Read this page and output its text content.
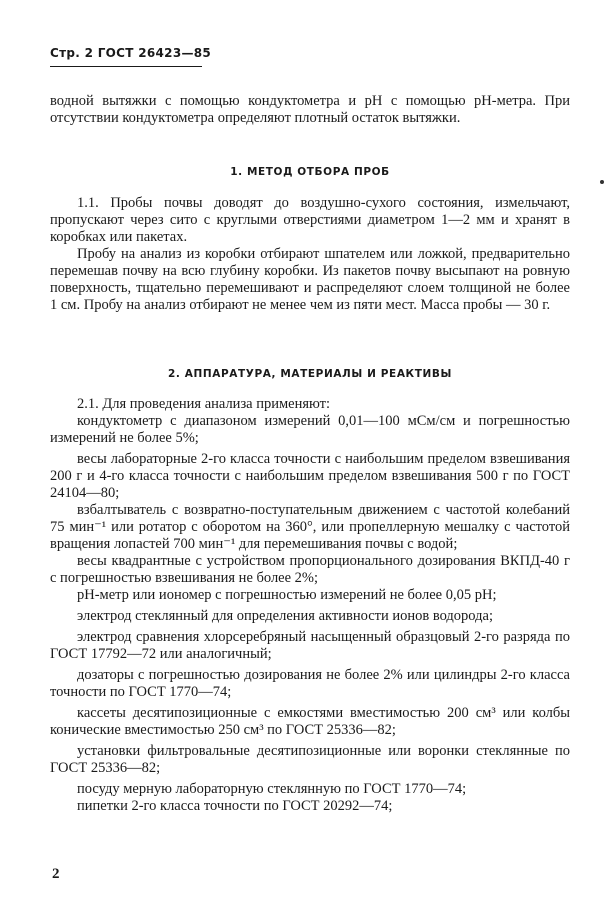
Стр. 2 ГОСТ 26423—85

водной вытяжки с помощью кондуктометра и рН с помощью рН-метра. При отсутствии кондуктометра определяют плотный остаток вытяжки.

1. МЕТОД ОТБОРА ПРОБ

1.1. Пробы почвы доводят до воздушно-сухого состояния, измельчают, пропускают через сито с круглыми отверстиями диаметром 1—2 мм и хранят в коробках или пакетах.

Пробу на анализ из коробки отбирают шпателем или ложкой, предварительно перемешав почву на всю глубину коробки. Из пакетов почву высыпают на ровную поверхность, тщательно перемешивают и распределяют слоем толщиной не более 1 см. Пробу на анализ отбирают не менее чем из пяти мест. Масса пробы — 30 г.

2. АППАРАТУРА, МАТЕРИАЛЫ И РЕАКТИВЫ

2.1. Для проведения анализа применяют:

кондуктометр с диапазоном измерений 0,01—100 мСм/см и погрешностью измерений не более 5%;

весы лабораторные 2-го класса точности с наибольшим пределом взвешивания 200 г и 4-го класса точности с наибольшим пределом взвешивания 500 г по ГОСТ 24104—80;

взбалтыватель с возвратно-поступательным движением с частотой колебаний 75 мин⁻¹ или ротатор с оборотом на 360°, или пропеллерную мешалку с частотой вращения лопастей 700 мин⁻¹ для перемешивания почвы с водой;

весы квадрантные с устройством пропорционального дозирования ВКПД-40 г с погрешностью взвешивания не более 2%;

рН-метр или иономер с погрешностью измерений не более 0,05 рН;

электрод стеклянный для определения активности ионов водорода;

электрод сравнения хлорсеребряный насыщенный образцовый 2-го разряда по ГОСТ 17792—72 или аналогичный;

дозаторы с погрешностью дозирования не более 2% или цилиндры 2-го класса точности по ГОСТ 1770—74;

кассеты десятипозиционные с емкостями вместимостью 200 см³ или колбы конические вместимостью 250 см³ по ГОСТ 25336—82;

установки фильтровальные десятипозиционные или воронки стеклянные по ГОСТ 25336—82;

посуду мерную лабораторную стеклянную по ГОСТ 1770—74;

пипетки 2-го класса точности по ГОСТ 20292—74;

2
